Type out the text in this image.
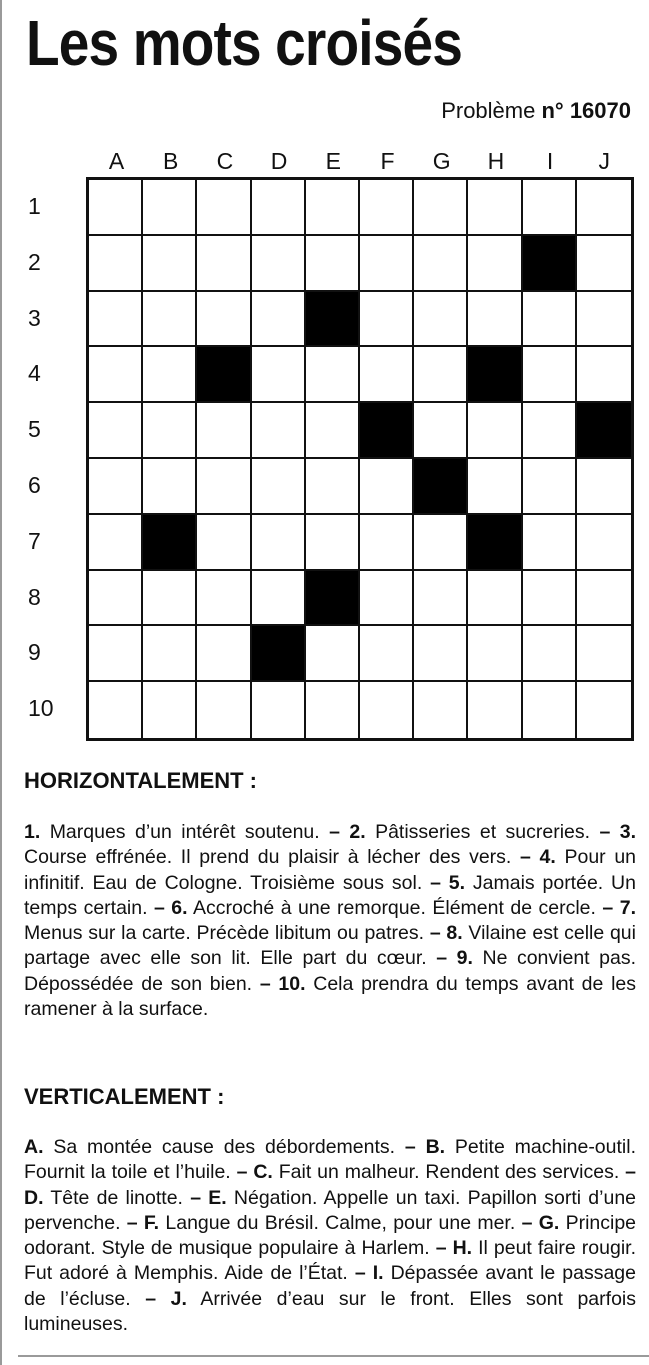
Les mots croisés
Problème n° 16070
A	B	C	D	E	F	G	H	I	J
1
2
3
4
5
6
7
8
9
10
HORIZONTALEMENT :
1. Marques d’un intérêt soutenu. – 2. Pâtisseries et sucreries. – 3. Course effrénée. Il prend du plaisir à lécher des vers. – 4. Pour un infinitif. Eau de Cologne. Troisième sous sol. – 5. Jamais portée. Un temps certain. – 6. Accroché à une remorque. Élément de cercle. – 7. Menus sur la carte. Précède libitum ou patres. – 8. Vilaine est celle qui partage avec elle son lit. Elle part du cœur. – 9. Ne convient pas. Dépossédée de son bien. – 10. Cela prendra du temps avant de les ramener à la surface.
VERTICALEMENT :
A. Sa montée cause des débordements. – B. Petite machine-outil. Fournit la toile et l’huile. – C. Fait un malheur. Rendent des services. – D. Tête de linotte. – E. Négation. Appelle un taxi. Papillon sorti d’une pervenche. – F. Langue du Brésil. Calme, pour une mer. – G. Principe odorant. Style de musique populaire à Harlem. – H. Il peut faire rougir. Fut adoré à Memphis. Aide de l’État. – I. Dépassée avant le passage de l’écluse. – J. Arrivée d’eau sur le front. Elles sont parfois lumineuses.
